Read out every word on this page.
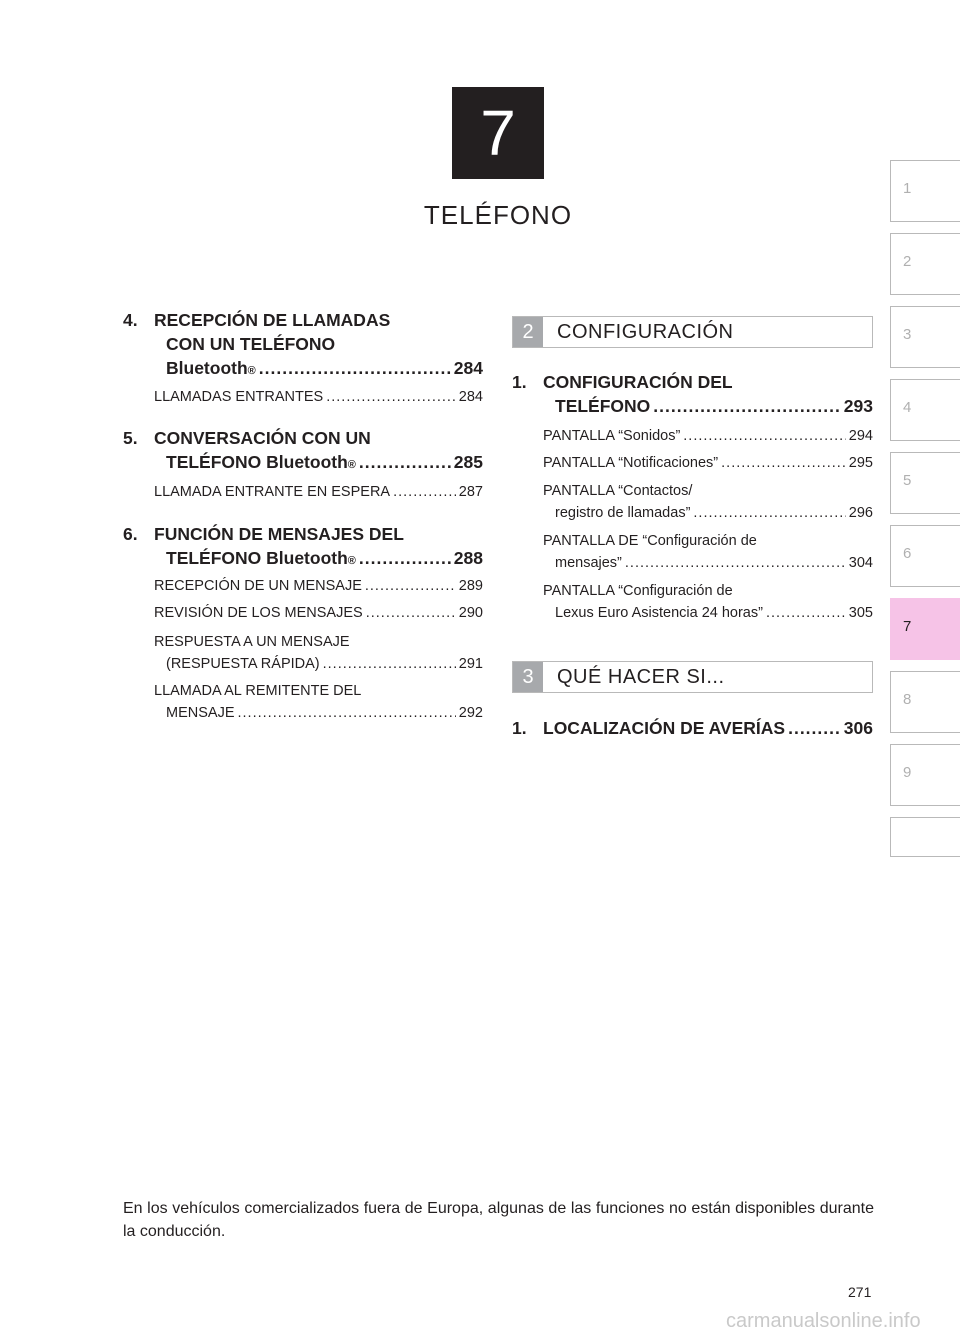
7
TELÉFONO
1
2
3
4
5
6
7
8
9
4. RECEPCIÓN DE LLAMADAS
CON UN TELÉFONO
Bluetooth ® .....	284
LLAMADAS ENTRANTES .....	284
5. CONVERSACIÓN CON UN
TELÉFONO Bluetooth ® .....	285
LLAMADA ENTRANTE EN ESPERA .....	287
6. FUNCIÓN DE MENSAJES DEL
TELÉFONO Bluetooth ® .....	288
RECEPCIÓN DE UN MENSAJE .....	289
REVISIÓN DE LOS MENSAJES .....	290
RESPUESTA A UN MENSAJE
(RESPUESTA RÁPIDA) .....	291
LLAMADA AL REMITENTE DEL
MENSAJE .....	292
2	CONFIGURACIÓN
1. CONFIGURACIÓN DEL
TELÉFONO .....	293
PANTALLA “Sonidos” .....	294
PANTALLA “Notificaciones” .....	295
PANTALLA “Contactos/
registro de llamadas” .....	296
PANTALLA DE “Configuración de
mensajes” .....	304
PANTALLA “Configuración de
Lexus Euro Asistencia 24 horas” .....	305
3	QUÉ HACER SI...
1. LOCALIZACIÓN DE AVERÍAS .....	306
En los vehículos comercializados fuera de Europa, algunas de las funciones no están disponibles durante la conducción.
271
carmanualsonline.info
